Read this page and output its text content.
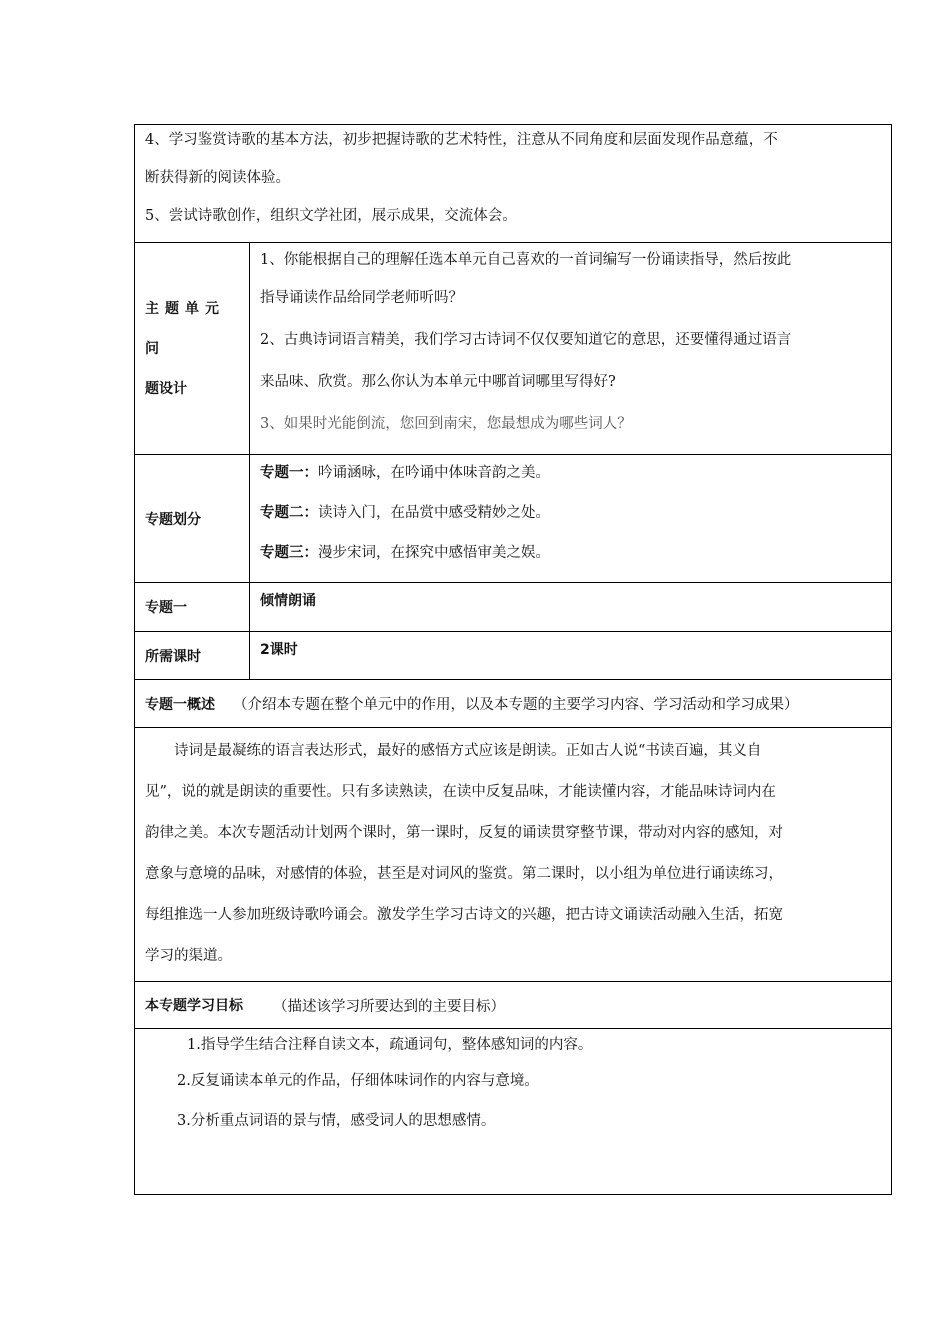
4、学习鉴赏诗歌的基本方法，初步把握诗歌的艺术特性，注意从不同角度和层面发现作品意蕴，不
断获得新的阅读体验。
5、尝试诗歌创作，组织文学社团，展示成果，交流体会。
主题单元问
题设计
1、你能根据自己的理解任选本单元自己喜欢的一首词编写一份诵读指导，然后按此
指导诵读作品给同学老师听吗？
2、古典诗词语言精美，我们学习古诗词不仅仅要知道它的意思，还要懂得通过语言
来品味、欣赏。那么你认为本单元中哪首词哪里写得好?
3、如果时光能倒流，您回到南宋，您最想成为哪些词人？
专题划分
专题一：吟诵涵咏，在吟诵中体味音韵之美。
专题二：读诗入门，在品赏中感受精妙之处。
专题三：漫步宋词，在探究中感悟审美之娱。
专题一	倾情朗诵
所需课时	2课时
专题一概述 （介绍本专题在整个单元中的作用，以及本专题的主要学习内容、学习活动和学习成果）
诗词是最凝练的语言表达形式，最好的感悟方式应该是朗读。正如古人说“书读百遍，其义自
见”，说的就是朗读的重要性。只有多读熟读，在读中反复品味，才能读懂内容，才能品味诗词内在
韵律之美。本次专题活动计划两个课时，第一课时，反复的诵读贯穿整节课，带动对内容的感知，对
意象与意境的品味，对感情的体验，甚至是对词风的鉴赏。第二课时，以小组为单位进行诵读练习，
每组推选一人参加班级诗歌吟诵会。激发学生学习古诗文的兴趣，把古诗文诵读活动融入生活，拓宽
学习的渠道。
本专题学习目标 （描述该学习所要达到的主要目标）
1.指导学生结合注释自读文本，疏通词句，整体感知词的内容。
2.反复诵读本单元的作品，仔细体味词作的内容与意境。
3.分析重点词语的景与情，感受词人的思想感情。
